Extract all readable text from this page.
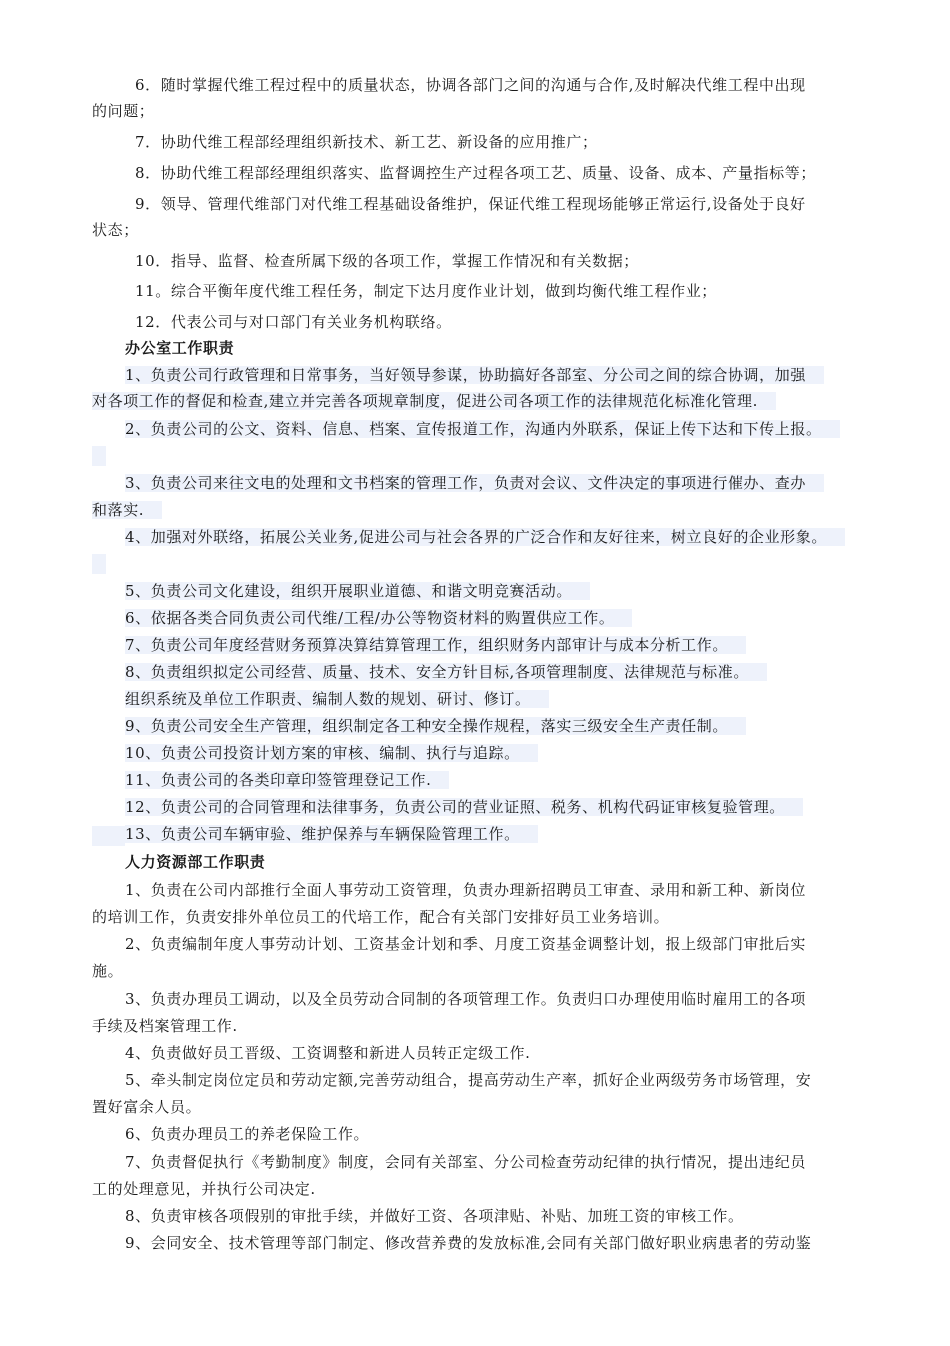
6．随时掌握代维工程过程中的质量状态，协调各部门之间的沟通与合作,及时解决代维工程中出现
的问题；
7．协助代维工程部经理组织新技术、新工艺、新设备的应用推广；
8．协助代维工程部经理组织落实、监督调控生产过程各项工艺、质量、设备、成本、产量指标等；
9．领导、管理代维部门对代维工程基础设备维护，保证代维工程现场能够正常运行,设备处于良好
状态；
10．指导、监督、检查所属下级的各项工作，掌握工作情况和有关数据；
11。综合平衡年度代维工程任务，制定下达月度作业计划，做到均衡代维工程作业；
12．代表公司与对口部门有关业务机构联络。
办公室工作职责
1、负责公司行政管理和日常事务，当好领导参谋，协助搞好各部室、分公司之间的综合协调，加强
对各项工作的督促和检查,建立并完善各项规章制度，促进公司各项工作的法律规范化标准化管理.
2、负责公司的公文、资料、信息、档案、宣传报道工作，沟通内外联系，保证上传下达和下传上报。
3、负责公司来往文电的处理和文书档案的管理工作，负责对会议、文件决定的事项进行催办、查办
和落实.
4、加强对外联络，拓展公关业务,促进公司与社会各界的广泛合作和友好往来，树立良好的企业形象。
5、负责公司文化建设，组织开展职业道德、和谐文明竞赛活动。
6、依据各类合同负责公司代维/工程/办公等物资材料的购置供应工作。
7、负责公司年度经营财务预算决算结算管理工作，组织财务内部审计与成本分析工作。
8、负责组织拟定公司经营、质量、技术、安全方针目标,各项管理制度、法律规范与标准。
组织系统及单位工作职责、编制人数的规划、研讨、修订。
9、负责公司安全生产管理，组织制定各工种安全操作规程，落实三级安全生产责任制。
10、负责公司投资计划方案的审核、编制、执行与追踪。
11、负责公司的各类印章印签管理登记工作.
12、负责公司的合同管理和法律事务，负责公司的营业证照、税务、机构代码证审核复验管理。
13、负责公司车辆审验、维护保养与车辆保险管理工作。
人力资源部工作职责
1、负责在公司内部推行全面人事劳动工资管理，负责办理新招聘员工审查、录用和新工种、新岗位
的培训工作，负责安排外单位员工的代培工作，配合有关部门安排好员工业务培训。
2、负责编制年度人事劳动计划、工资基金计划和季、月度工资基金调整计划，报上级部门审批后实
施。
3、负责办理员工调动，以及全员劳动合同制的各项管理工作。负责归口办理使用临时雇用工的各项
手续及档案管理工作.
4、负责做好员工晋级、工资调整和新进人员转正定级工作.
5、牵头制定岗位定员和劳动定额,完善劳动组合，提高劳动生产率，抓好企业两级劳务市场管理，安
置好富余人员。
6、负责办理员工的养老保险工作。
7、负责督促执行《考勤制度》制度，会同有关部室、分公司检查劳动纪律的执行情况，提出违纪员
工的处理意见，并执行公司决定.
8、负责审核各项假别的审批手续，并做好工资、各项津贴、补贴、加班工资的审核工作。
9、会同安全、技术管理等部门制定、修改营养费的发放标准,会同有关部门做好职业病患者的劳动鉴
